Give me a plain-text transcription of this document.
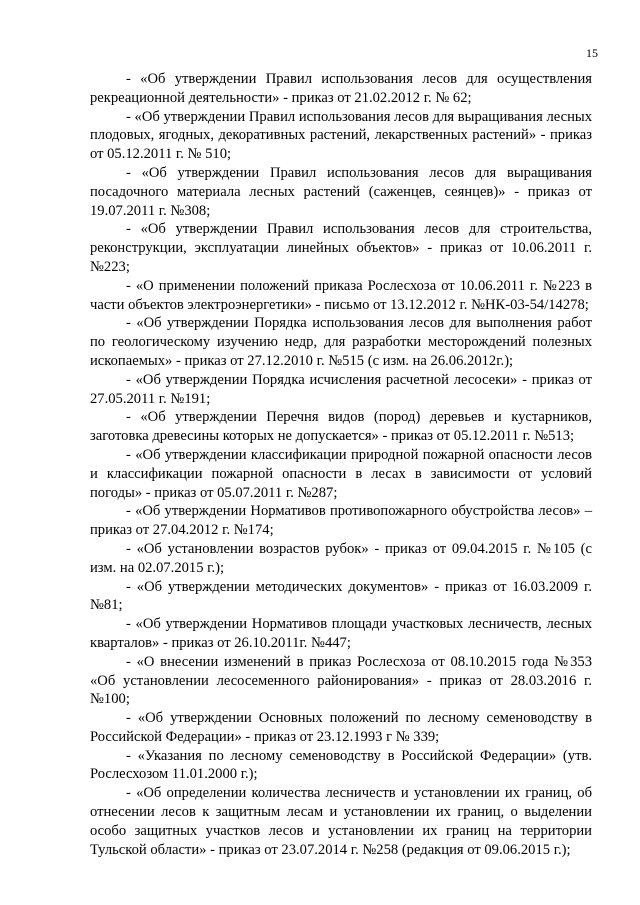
15

- «Об утверждении Правил использования лесов для осуществления рекреационной деятельности» - приказ от 21.02.2012 г. № 62;

- «Об утверждении Правил использования лесов для выращивания лесных плодовых, ягодных, декоративных растений, лекарственных растений» - приказ от 05.12.2011 г. № 510;

- «Об утверждении Правил использования лесов для выращивания посадочного материала лесных растений (саженцев, сеянцев)» - приказ от 19.07.2011 г. №308;

- «Об утверждении Правил использования лесов для строительства, реконструкции, эксплуатации линейных объектов» - приказ от 10.06.2011 г. №223;

- «О применении положений приказа Рослесхоза от 10.06.2011 г. №223 в части объектов электроэнергетики» - письмо от 13.12.2012 г. №НК-03-54/14278;

- «Об утверждении Порядка использования лесов для выполнения работ по геологическому изучению недр, для разработки месторождений полезных ископаемых» - приказ от 27.12.2010 г. №515 (с изм. на 26.06.2012г.);

- «Об утверждении Порядка исчисления расчетной лесосеки» - приказ от 27.05.2011 г. №191;

- «Об утверждении Перечня видов (пород) деревьев и кустарников, заготовка древесины которых не допускается» - приказ от 05.12.2011 г. №513;

- «Об утверждении классификации природной пожарной опасности лесов и классификации пожарной опасности в лесах в зависимости от условий погоды» - приказ от 05.07.2011 г. №287;

- «Об утверждении Нормативов противопожарного обустройства лесов» – приказ от 27.04.2012 г. №174;

- «Об установлении возрастов рубок» - приказ от 09.04.2015 г. №105 (с изм. на 02.07.2015 г.);

- «Об утверждении методических документов» - приказ от 16.03.2009 г. №81;

- «Об утверждении Нормативов площади участковых лесничеств, лесных кварталов» - приказ от 26.10.2011г. №447;

- «О внесении изменений в приказ Рослесхоза от 08.10.2015 года №353 «Об установлении лесосеменного районирования» - приказ от 28.03.2016 г. №100;

- «Об утверждении Основных положений по лесному семеноводству в Российской Федерации» - приказ от 23.12.1993 г № 339;

- «Указания по лесному семеноводству в Российской Федерации» (утв. Рослесхозом 11.01.2000 г.);

- «Об определении количества лесничеств и установлении их границ, об отнесении лесов к защитным лесам и установлении их границ, о выделении особо защитных участков лесов и установлении их границ на территории Тульской области» - приказ от 23.07.2014 г. №258 (редакция от 09.06.2015 г.);
